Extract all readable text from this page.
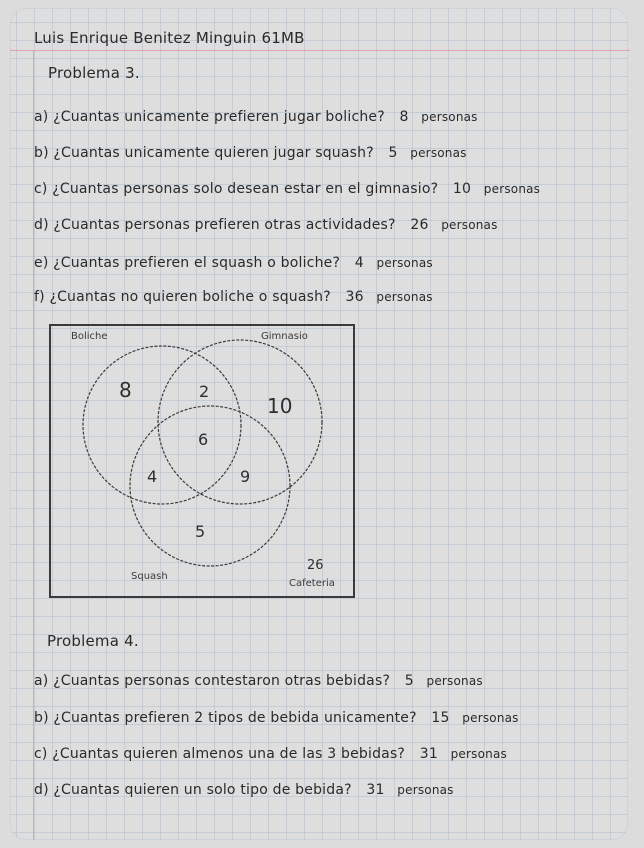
Luis Enrique Benitez Minguin 61MB
Problema 3.
a) ¿Cuantas unicamente prefieren jugar boliche? 8 personas
b) ¿Cuantas unicamente quieren jugar squash? 5 personas
c) ¿Cuantas personas solo desean estar en el gimnasio? 10 personas
d) ¿Cuantas personas prefieren otras actividades? 26 personas
e) ¿Cuantas prefieren el squash o boliche? 4 personas
f) ¿Cuantas no quieren boliche o squash? 36 personas
Boliche	Gimnasio
Squash
Cafeteria
8	2
10
6
4	9
5
26
Problema 4.
a) ¿Cuantas personas contestaron otras bebidas? 5 personas
b) ¿Cuantas prefieren 2 tipos de bebida unicamente? 15 personas
c) ¿Cuantas quieren almenos una de las 3 bebidas? 31 personas
d) ¿Cuantas quieren un solo tipo de bebida? 31 personas
